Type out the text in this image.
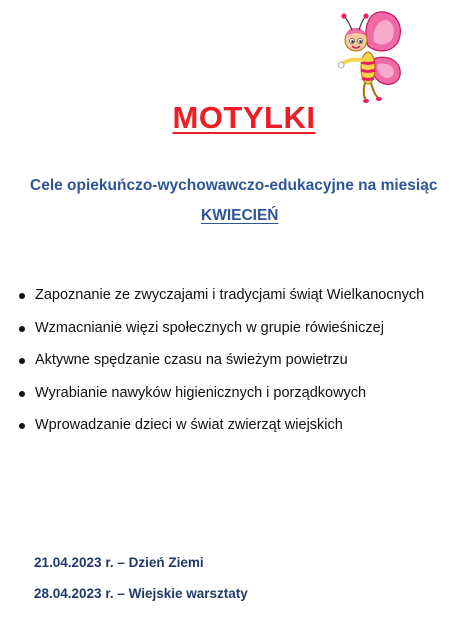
MOTYLKI
Cele opiekuńczo-wychowawczo-edukacyjne na miesiąc
KWIECIEŃ
Zapoznanie ze zwyczajami i tradycjami świąt Wielkanocnych
Wzmacnianie więzi społecznych w grupie rówieśniczej
Aktywne spędzanie czasu na świeżym powietrzu
Wyrabianie nawyków higienicznych i porządkowych
Wprowadzanie dzieci w świat zwierząt wiejskich
21.04.2023 r. – Dzień Ziemi
28.04.2023 r. – Wiejskie warsztaty
